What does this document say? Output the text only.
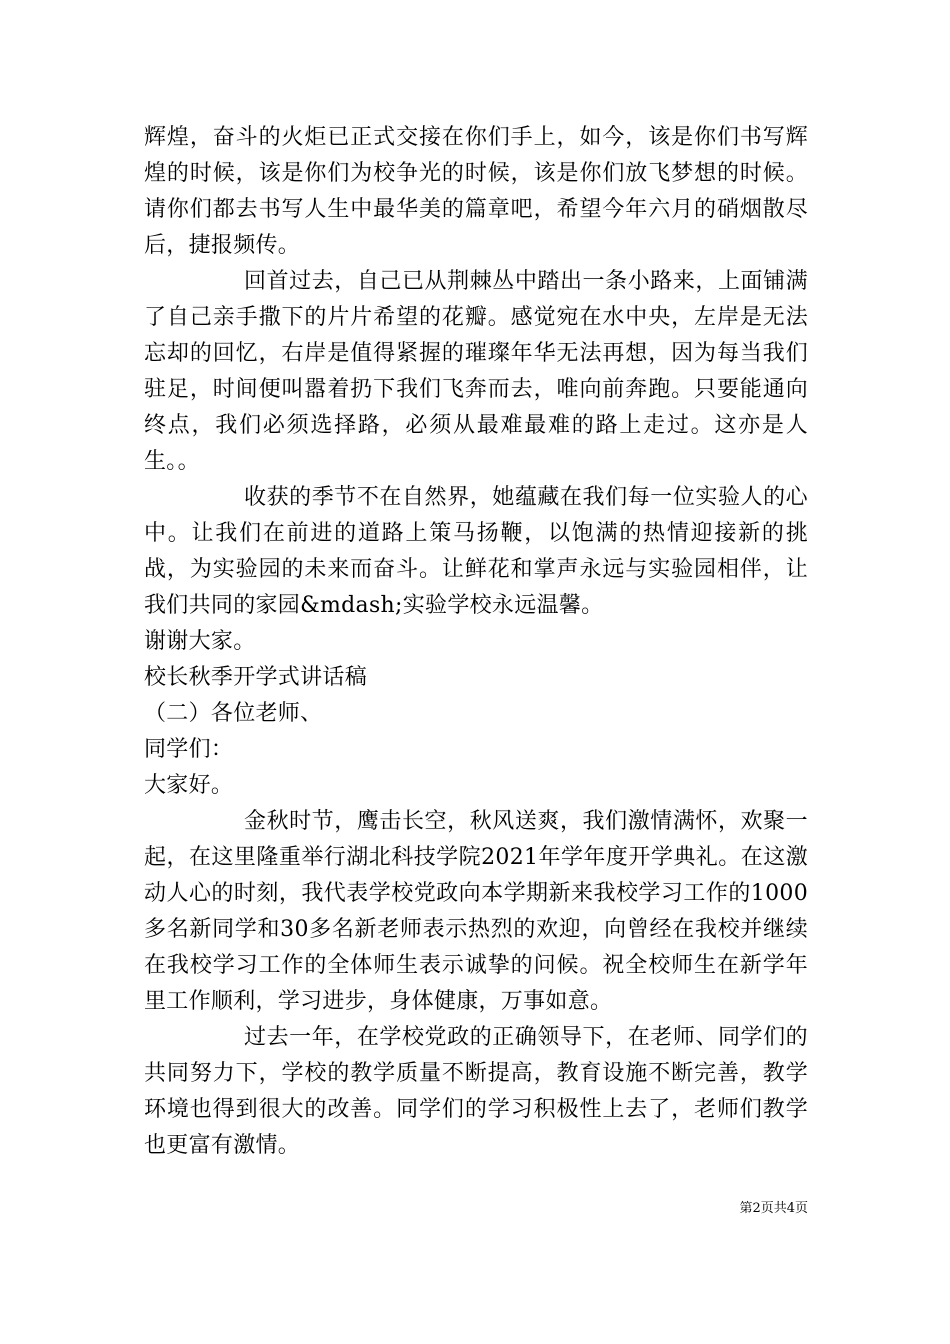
辉煌，奋斗的火炬已正式交接在你们手上，如今，该是你们书写辉煌的时候，该是你们为校争光的时候，该是你们放飞梦想的时候。请你们都去书写人生中最华美的篇章吧，希望今年六月的硝烟散尽后，捷报频传。

回首过去，自己已从荆棘丛中踏出一条小路来，上面铺满了自己亲手撒下的片片希望的花瓣。感觉宛在水中央，左岸是无法忘却的回忆，右岸是值得紧握的璀璨年华无法再想，因为每当我们驻足，时间便叫嚣着扔下我们飞奔而去，唯向前奔跑。只要能通向终点，我们必须选择路，必须从最难最难的路上走过。这亦是人生。。

收获的季节不在自然界，她蕴藏在我们每一位实验人的心中。让我们在前进的道路上策马扬鞭，以饱满的热情迎接新的挑战，为实验园的未来而奋斗。让鲜花和掌声永远与实验园相伴，让我们共同的家园&mdash;实验学校永远温馨。

谢谢大家。

校长秋季开学式讲话稿

（二）各位老师、

同学们：

大家好。

金秋时节，鹰击长空，秋风送爽，我们激情满怀，欢聚一起，在这里隆重举行湖北科技学院2021年学年度开学典礼。在这激动人心的时刻，我代表学校党政向本学期新来我校学习工作的1000多名新同学和30多名新老师表示热烈的欢迎，向曾经在我校并继续在我校学习工作的全体师生表示诚挚的问候。祝全校师生在新学年里工作顺利，学习进步，身体健康，万事如意。

过去一年，在学校党政的正确领导下，在老师、同学们的共同努力下，学校的教学质量不断提高，教育设施不断完善，教学环境也得到很大的改善。同学们的学习积极性上去了，老师们教学也更富有激情。

第2页共4页
